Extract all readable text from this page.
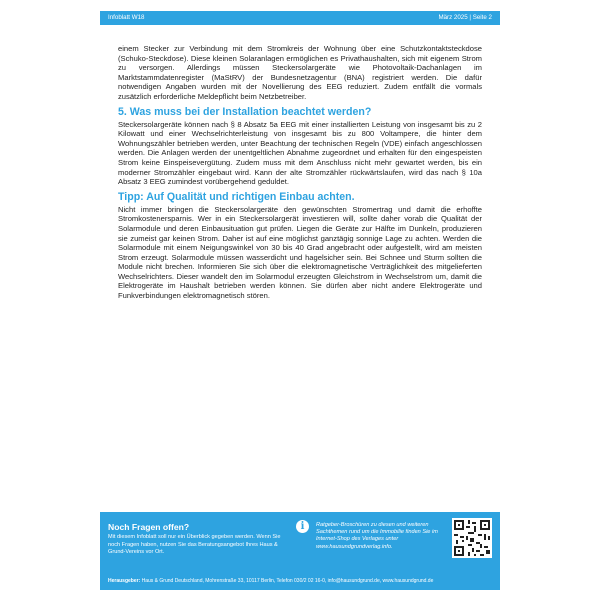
Infoblatt W18	März 2025 | Seite 2

einem Stecker zur Verbindung mit dem Stromkreis der Wohnung über eine Schutzkontaktsteckdose (Schuko-Steckdose). Diese kleinen Solaranlagen ermöglichen es Privathaushalten, sich mit eigenem Strom zu versorgen. Allerdings müssen Steckersolargeräte wie Photovoltaik-Dachanlagen im Marktstammdatenregister (MaStRV) der Bundesnetzagentur (BNA) registriert werden. Die dafür notwendigen Angaben wurden mit der Novellierung des EEG reduziert. Zudem entfällt die vormals zusätzlich erforderliche Meldepflicht beim Netzbetreiber.

5. Was muss bei der Installation beachtet werden?

Steckersolargeräte können nach § 8 Absatz 5a EEG mit einer installierten Leistung von insgesamt bis zu 2 Kilowatt und einer Wechselrichterleistung von insgesamt bis zu 800 Voltampere, die hinter dem Wohnungszähler betrieben werden, unter Beachtung der technischen Regeln (VDE) einfach angeschlossen werden. Die Anlagen werden der unentgeltlichen Abnahme zugeordnet und erhalten für den eingespeisten Strom keine Einspeisevergütung. Zudem muss mit dem Anschluss nicht mehr gewartet werden, bis ein moderner Stromzähler eingebaut wird. Kann der alte Stromzähler rückwärtslaufen, wird das nach § 10a Absatz 3 EEG zumindest vorübergehend geduldet.

Tipp: Auf Qualität und richtigen Einbau achten.

Nicht immer bringen die Steckersolargeräte den gewünschten Stromertrag und damit die erhoffte Stromkostenersparnis. Wer in ein Steckersolargerät investieren will, sollte daher vorab die Qualität der Solarmodule und deren Einbausituation gut prüfen. Liegen die Geräte zur Hälfte im Dunkeln, produzieren sie zumeist gar keinen Strom. Daher ist auf eine möglichst ganztägig sonnige Lage zu achten. Werden die Solarmodule mit einem Neigungswinkel von 30 bis 40 Grad angebracht oder aufgestellt, wird am meisten Strom erzeugt. Solarmodule müssen wasserdicht und hagelsicher sein. Bei Schnee und Sturm sollten die Module nicht brechen. Informieren Sie sich über die elektromagnetische Verträglichkeit des mitgelieferten Wechselrichters. Dieser wandelt den im Solarmodul erzeugten Gleichstrom in Wechselstrom um, damit die Elektrogeräte im Haushalt betrieben werden können. Sie dürfen aber nicht andere Elektrogeräte und Funkverbindungen elektromagnetisch stören.

Noch Fragen offen?
Mit diesem Infoblatt soll nur ein Überblick gegeben werden. Wenn Sie noch Fragen haben, nutzen Sie das Beratungsangebot Ihres Haus & Grund-Vereins vor Ort.
Ratgeber-Broschüren zu diesen und weiteren Sachthemen rund um die Immobilie finden Sie im Internet-Shop des Verlages unter www.hausundgrundverlag.info.
Herausgeber: Haus & Grund Deutschland, Mohrenstraße 33, 10117 Berlin, Telefon 030/2 02 16-0, info@hausundgrund.de, www.hausundgrund.de
i
